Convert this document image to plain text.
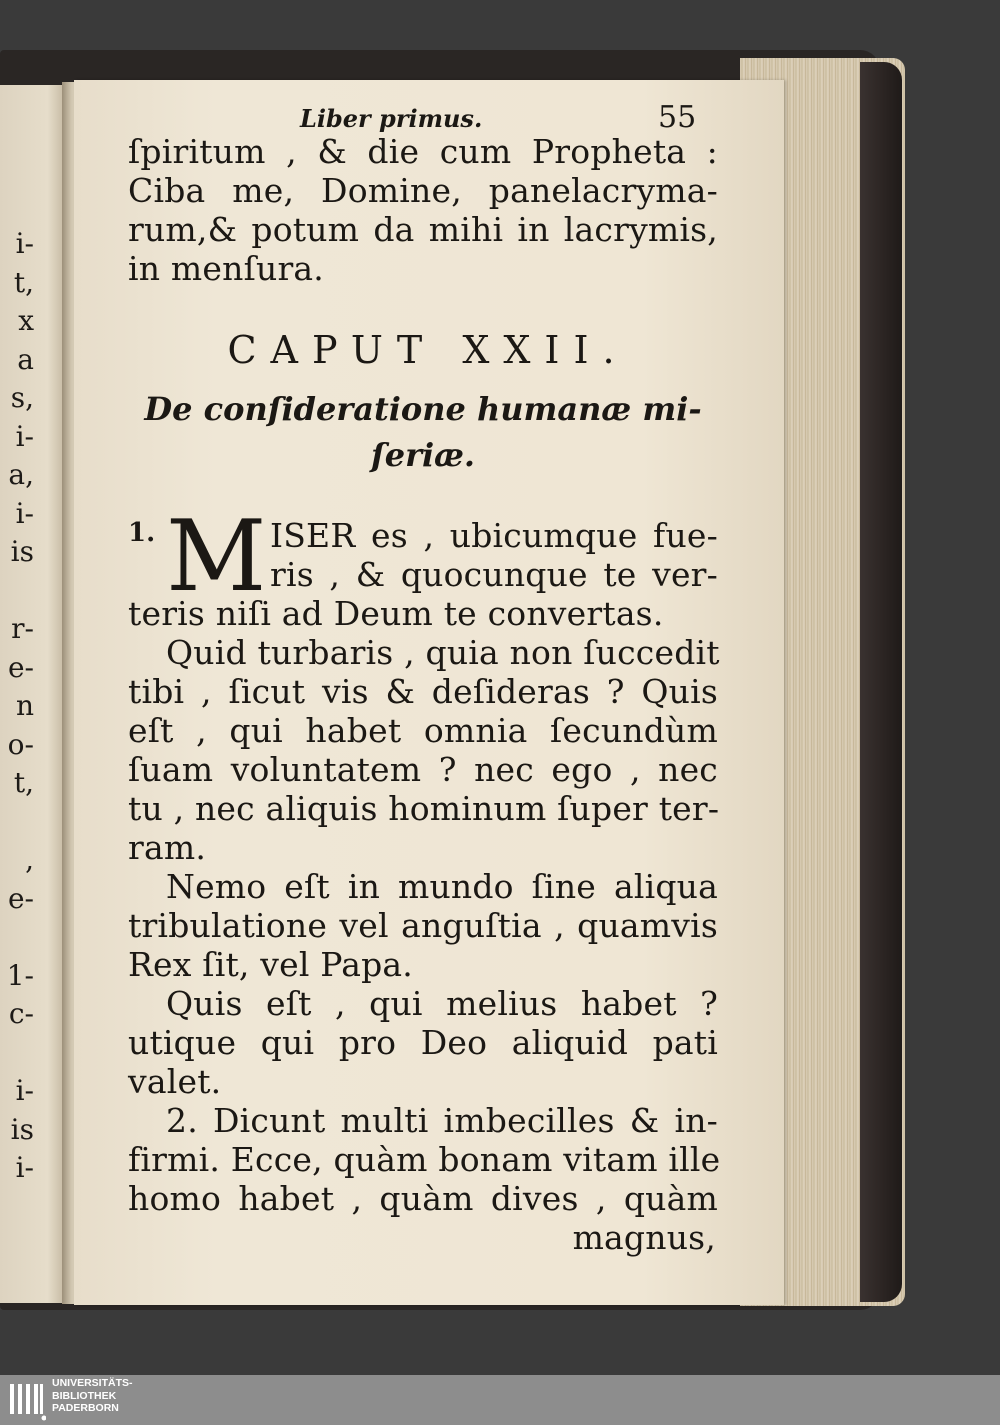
i-
t,
x
a
s,
i-
a,
i-
is
r-
e-
n
o-
t,
,
e-
1-
c-
i-
is
i-
Liber primus.	55
ſpiritum , & die cum Propheta :
Ciba me, Domine, panelacryma-
rum,& potum da mihi in lacrymis,
in menſura.
CAPUT XXII.
De conſideratione humanæ mi-
ſeriæ.
1. M ISER es , ubicumque fue-
ris , & quocunque te ver-
teris niſi ad Deum te convertas.
Quid turbaris , quia non ſuccedit
tibi , ſicut vis & deſideras ? Quis
eſt , qui habet omnia ſecundùm
ſuam voluntatem ? nec ego , nec
tu , nec aliquis hominum ſuper ter-
ram.
Nemo eſt in mundo ſine aliqua
tribulatione vel anguſtia , quamvis
Rex ſit, vel Papa.
Quis eſt , qui melius habet ?
utique qui pro Deo aliquid pati
valet.
2. Dicunt multi imbecilles & in-
firmi. Ecce, quàm bonam vitam ille
homo habet , quàm dives , quàm
magnus,
UNIVERSITÄTS-
BIBLIOTHEK
PADERBORN
